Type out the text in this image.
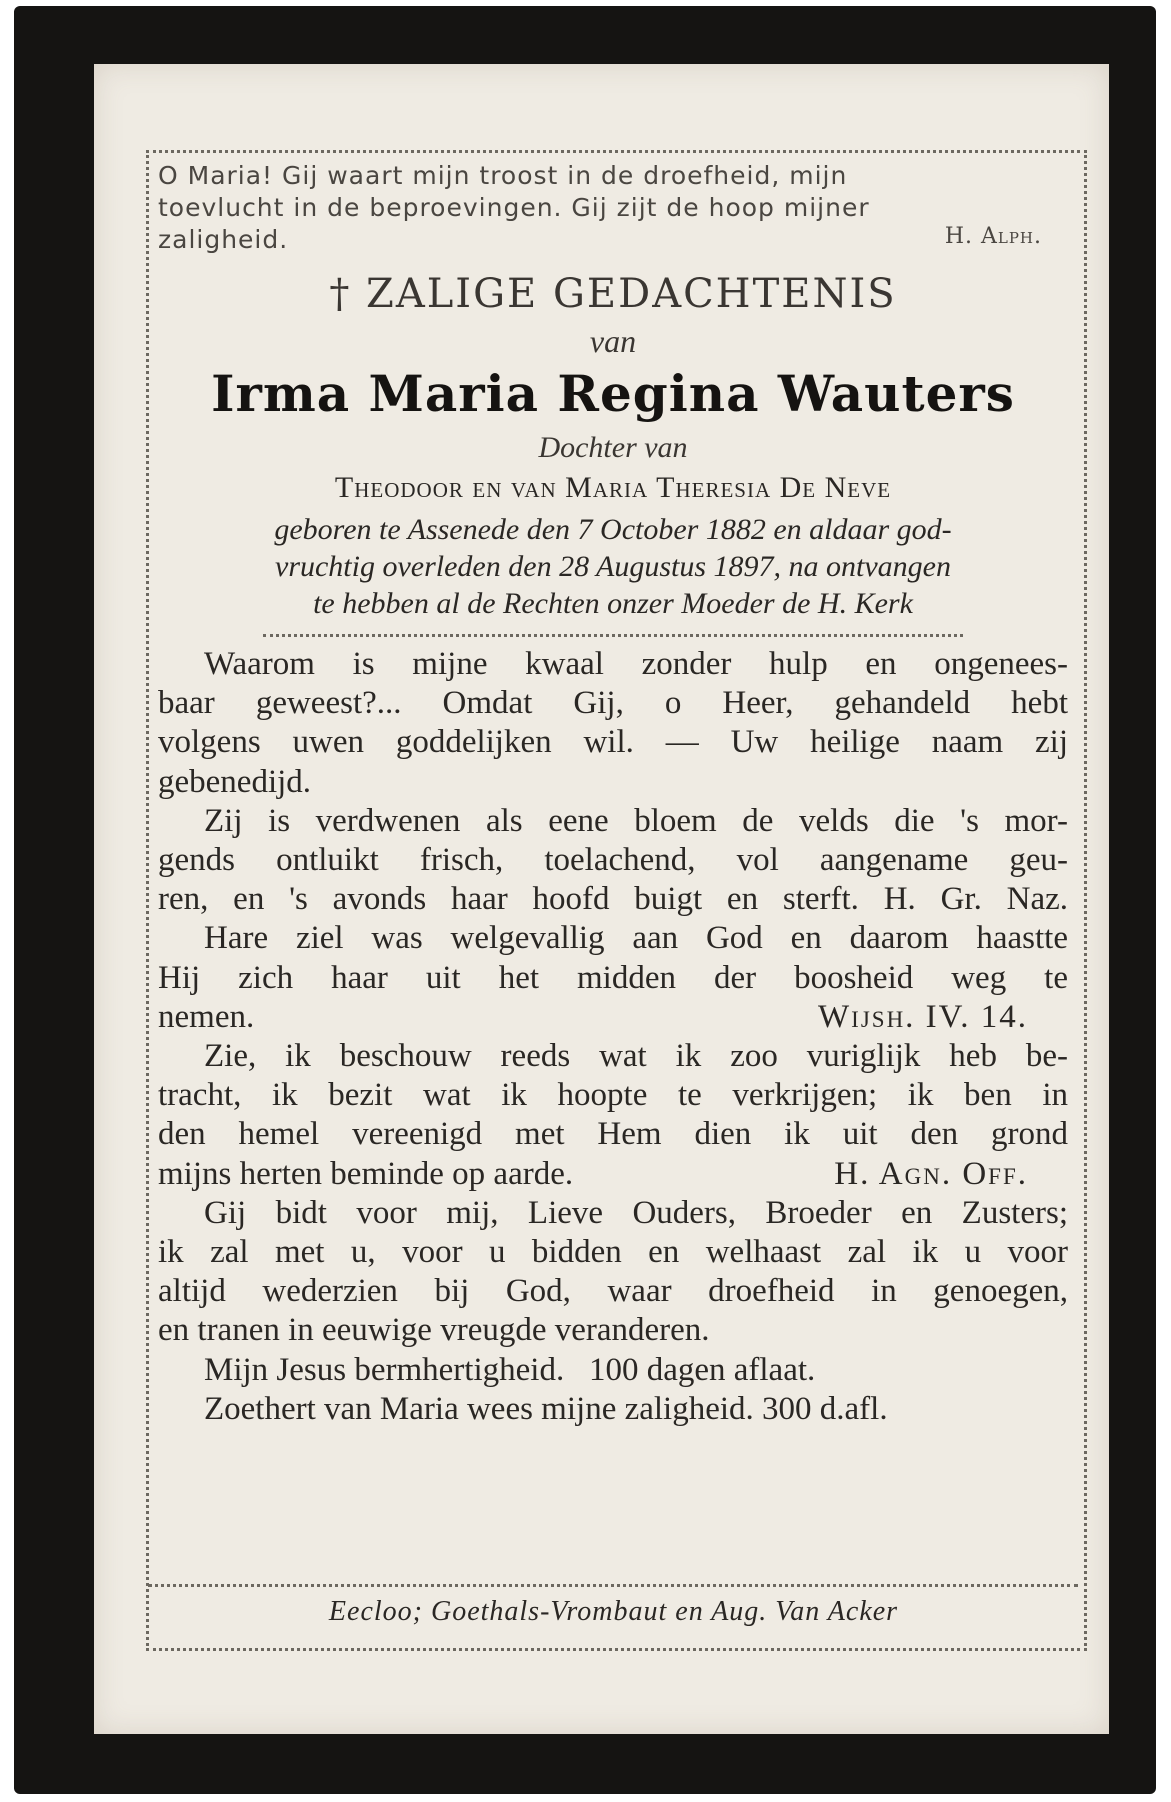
O Maria! Gij waart mijn troost in de droefheid, mijn
toevlucht in de beproevingen. Gij zijt de hoop mijner
zaligheid.	H. Alph.
† ZALIGE GEDACHTENIS
van
Irma Maria Regina Wauters
Dochter van
Theodoor en van Maria Theresia De Neve
geboren te Assenede den 7 October 1882 en aldaar god-
vruchtig overleden den 28 Augustus 1897, na ontvangen
te hebben al de Rechten onzer Moeder de H. Kerk
Waarom is mijne kwaal zonder hulp en ongenees-
baar geweest?... Omdat Gij, o Heer, gehandeld hebt
volgens uwen goddelijken wil. — Uw heilige naam zij
gebenedijd.
Zij is verdwenen als eene bloem de velds die 's mor-
gends ontluikt frisch, toelachend, vol aangename geu-
ren, en 's avonds haar hoofd buigt en sterft. H. Gr. Naz.
Hare ziel was welgevallig aan God en daarom haastte
Hij zich haar uit het midden der boosheid weg te
nemen.	Wijsh. IV. 14.
Zie, ik beschouw reeds wat ik zoo vuriglijk heb be-
tracht, ik bezit wat ik hoopte te verkrijgen; ik ben in
den hemel vereenigd met Hem dien ik uit den grond
mijns herten beminde op aarde.	H. Agn. Off.
Gij bidt voor mij, Lieve Ouders, Broeder en Zusters;
ik zal met u, voor u bidden en welhaast zal ik u voor
altijd wederzien bij God, waar droefheid in genoegen,
en tranen in eeuwige vreugde veranderen.
Mijn Jesus bermhertigheid.   100 dagen aflaat.
Zoethert van Maria wees mijne zaligheid. 300 d.afl.
Eecloo; Goethals-Vrombaut en Aug. Van Acker
